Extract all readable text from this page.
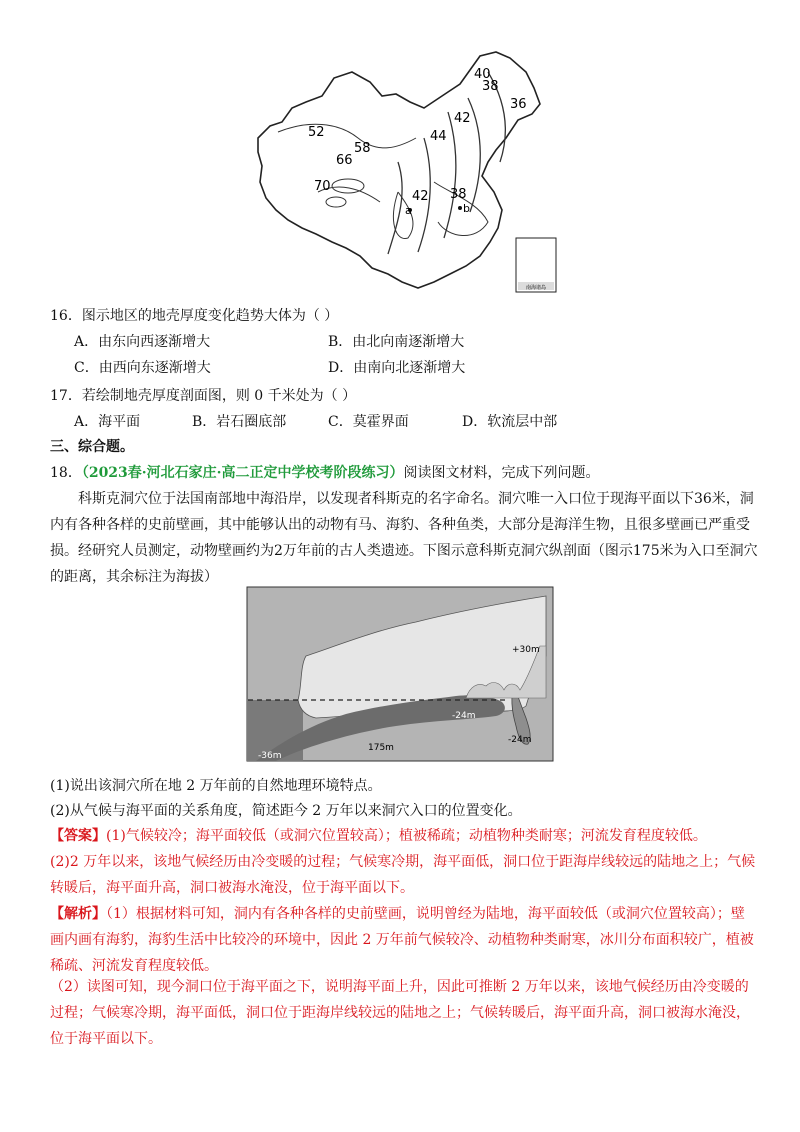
南海诸岛
40
38
36
42
44
52
58
66
70
42 38
a	b
16．图示地区的地壳厚度变化趋势大体为（ ）
A．由东向西逐渐增大	B．由北向南逐渐增大
C．由西向东逐渐增大	D．由南向北逐渐增大
17．若绘制地壳厚度剖面图，则 0 千米处为（ ）
A．海平面	B．岩石圈底部	C．莫霍界面	D．软流层中部
三、综合题。
18．（2023春·河北石家庄·高二正定中学校考阶段练习）阅读图文材料，完成下列问题。
科斯克洞穴位于法国南部地中海沿岸，以发现者科斯克的名字命名。洞穴唯一入口位于现海平面以下36米，洞内有各种各样的史前壁画，其中能够认出的动物有马、海豹、各种鱼类，大部分是海洋生物，且很多壁画已严重受损。经研究人员测定，动物壁画约为2万年前的古人类遗迹。下图示意科斯克洞穴纵剖面（图示175米为入口至洞穴的距离，其余标注为海拔）
+30m
-24m
175m
-36m
-24m
(1)说出该洞穴所在地 2 万年前的自然地理环境特点。
(2)从气候与海平面的关系角度，简述距今 2 万年以来洞穴入口的位置变化。
【答案】(1)气候较冷；海平面较低（或洞穴位置较高）；植被稀疏；动植物种类耐寒；河流发育程度较低。
(2)2 万年以来，该地气候经历由冷变暖的过程；气候寒冷期，海平面低，洞口位于距海岸线较远的陆地之上；气候转暖后，海平面升高，洞口被海水淹没，位于海平面以下。
【解析】（1）根据材料可知，洞内有各种各样的史前壁画，说明曾经为陆地，海平面较低（或洞穴位置较高）；壁画内画有海豹，海豹生活中比较冷的环境中，因此 2 万年前气候较冷、动植物种类耐寒，冰川分布面积较广，植被稀疏、河流发育程度较低。
（2）读图可知，现今洞口位于海平面之下，说明海平面上升，因此可推断 2 万年以来，该地气候经历由冷变暖的过程；气候寒冷期，海平面低，洞口位于距海岸线较远的陆地之上；气候转暖后，海平面升高，洞口被海水淹没，位于海平面以下。
